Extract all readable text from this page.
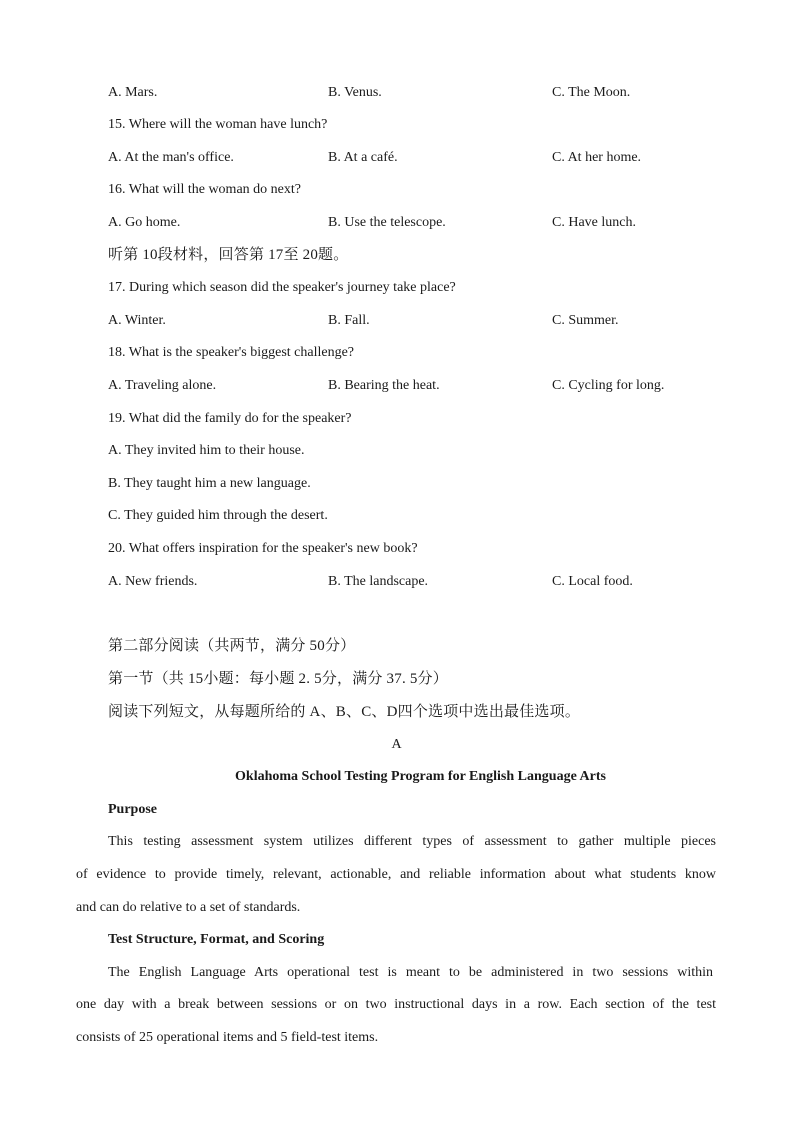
A. Mars.	B. Venus.	C. The Moon.
15. Where will the woman have lunch?
A. At the man's office.	B. At a café.	C. At her home.
16. What will the woman do next?
A. Go home.	B. Use the telescope.	C. Have lunch.
听第 10段材料，回答第 17至 20题。
17. During which season did the speaker's journey take place?
A. Winter.	B. Fall.	C. Summer.
18. What is the speaker's biggest challenge?
A. Traveling alone.	B. Bearing the heat.	C. Cycling for long.
19. What did the family do for the speaker?
A. They invited him to their house.
B. They taught him a new language.
C. They guided him through the desert.
20. What offers inspiration for the speaker's new book?
A. New friends.	B. The landscape.	C. Local food.
第二部分阅读（共两节，满分 50分）
第一节（共 15小题：每小题 2. 5分，满分 37. 5分）
阅读下列短文，从每题所给的 A、B、C、D四个选项中选出最佳选项。
A
Oklahoma School Testing Program for English Language Arts
Purpose
This testing assessment system utilizes different types of assessment to gather multiple pieces
of evidence to provide timely, relevant, actionable, and reliable information about what students know
and can do relative to a set of standards.
Test Structure, Format, and Scoring
The English Language Arts operational test is meant to be administered in two sessions within
one day with a break between sessions or on two instructional days in a row. Each section of the test
consists of 25 operational items and 5 field-test items.
